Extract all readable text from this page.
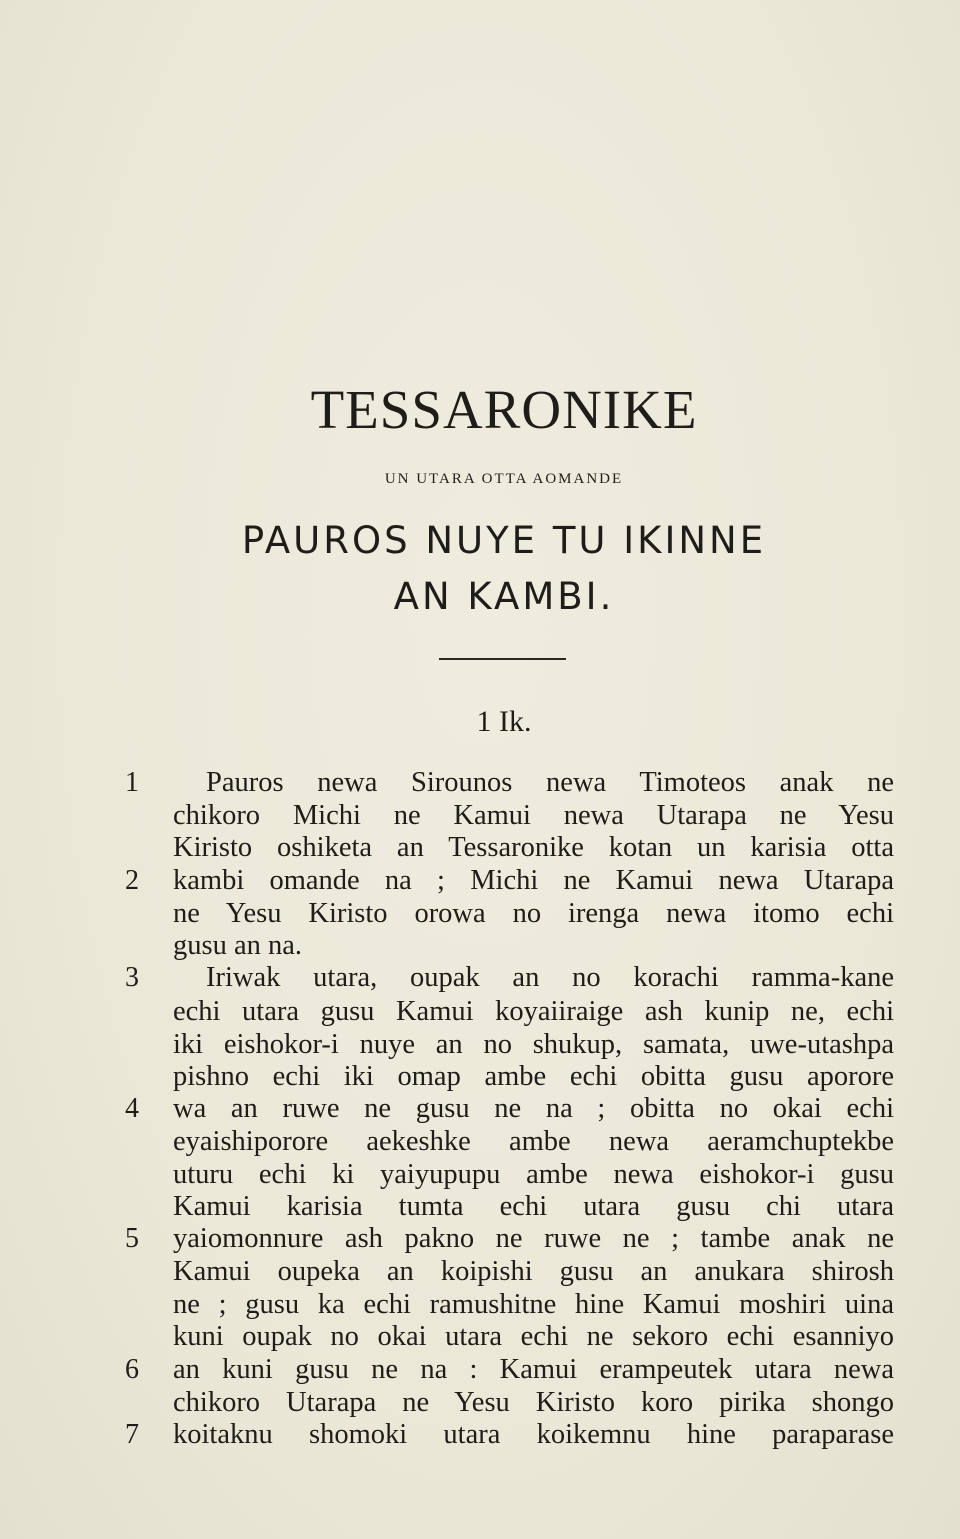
TESSARONIKE
UN UTARA OTTA AOMANDE
PAUROS NUYE TU IKINNE
AN KAMBI.
1 Ik.
1
2
3
4
5
6
7
Pauros newa Sirounos newa Timoteos anak ne
chikoro Michi ne Kamui newa Utarapa ne Yesu
Kiristo oshiketa an Tessaronike kotan un karisia otta
kambi omande na ; Michi ne Kamui newa Utarapa
ne Yesu Kiristo orowa no irenga newa itomo echi
gusu an na.
Iriwak utara, oupak an no korachi ramma-kane
echi utara gusu Kamui koyaiiraige ash kunip ne, echi
iki eishokor-i nuye an no shukup, samata, uwe-utashpa
pishno echi iki omap ambe echi obitta gusu aporore
wa an ruwe ne gusu ne na ; obitta no okai echi
eyaishiporore aekeshke ambe newa aeramchuptekbe
uturu echi ki yaiyupupu ambe newa eishokor-i gusu
Kamui karisia tumta echi utara gusu chi utara
yaiomonnure ash pakno ne ruwe ne ; tambe anak ne
Kamui oupeka an koipishi gusu an anukara shirosh
ne ; gusu ka echi ramushitne hine Kamui moshiri uina
kuni oupak no okai utara echi ne sekoro echi esanniyo
an kuni gusu ne na : Kamui erampeutek utara newa
chikoro Utarapa ne Yesu Kiristo koro pirika shongo
koitaknu shomoki utara koikemnu hine paraparase
